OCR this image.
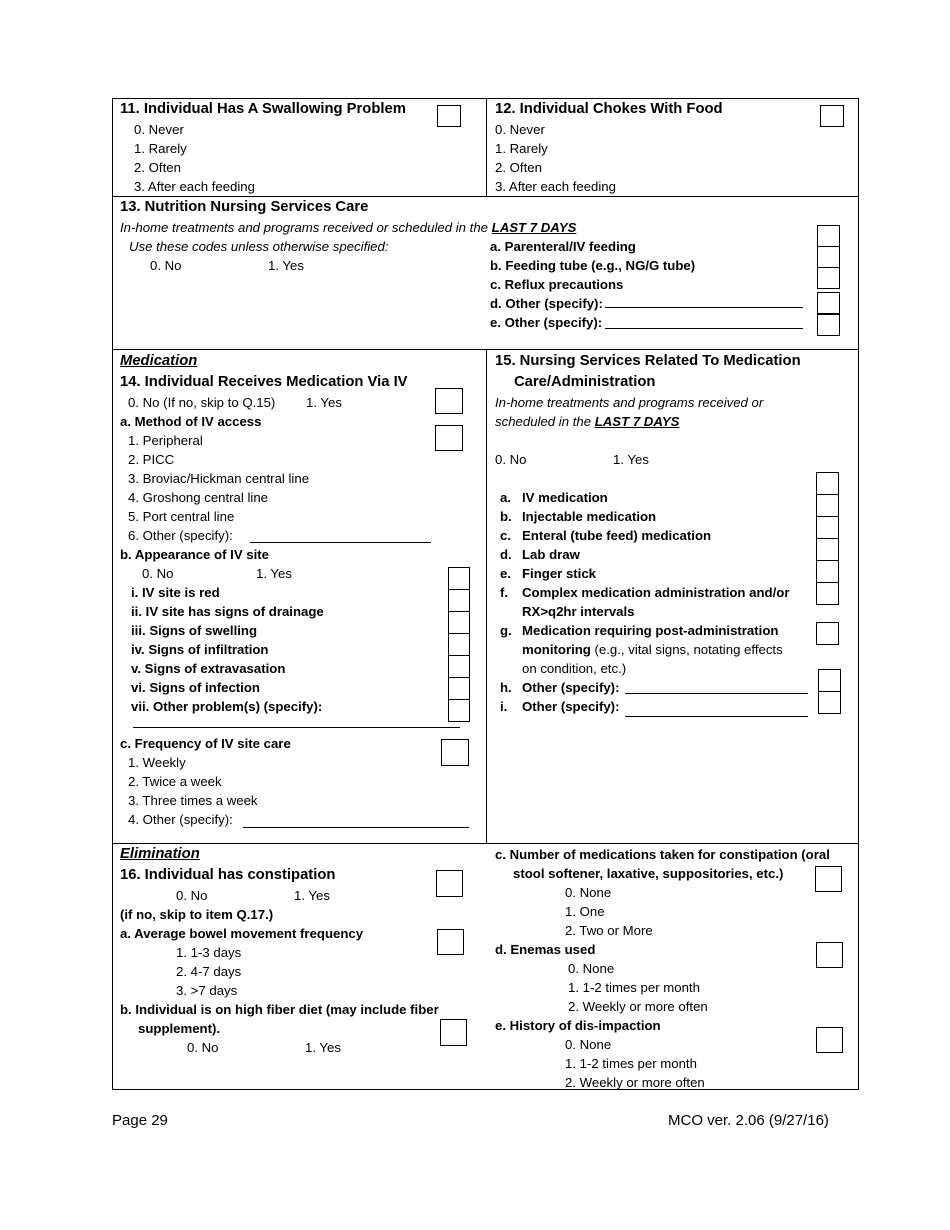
11. Individual Has A Swallowing Problem
0. Never
1. Rarely
2. Often
3. After each feeding
12. Individual Chokes With Food
0. Never
1. Rarely
2. Often
3. After each feeding
13. Nutrition Nursing Services Care
In-home treatments and programs received or scheduled in the LAST 7 DAYS
Use these codes unless otherwise specified:
0. No	1. Yes
a. Parenteral/IV feeding
b. Feeding tube (e.g., NG/G tube)
c. Reflux precautions
d. Other (specify):
e. Other (specify):
Medication
14. Individual Receives Medication Via IV
0. No (If no, skip to Q.15) 1. Yes
a. Method of IV access
1. Peripheral
2. PICC
3. Broviac/Hickman central line
4. Groshong central line
5. Port central line
6. Other (specify):
b. Appearance of IV site
0. No	1. Yes
i. IV site is red
ii. IV site has signs of drainage
iii. Signs of swelling
iv. Signs of infiltration
v. Signs of extravasation
vi. Signs of infection
vii. Other problem(s) (specify):
c. Frequency of IV site care
1. Weekly
2. Twice a week
3. Three times a week
4. Other (specify):
15. Nursing Services Related To Medication
Care/Administration
In-home treatments and programs received or
scheduled in the LAST 7 DAYS
0. No	1. Yes
a. IV medication
b. Injectable medication
c. Enteral (tube feed) medication
d. Lab draw
e. Finger stick
f. Complex medication administration and/or
RX>q2hr intervals
g. Medication requiring post-administration
monitoring (e.g., vital signs, notating effects
on condition, etc.)
h. Other (specify):
i. Other (specify):
Elimination
16. Individual has constipation
0. No	1. Yes
(if no, skip to item Q.17.)
a. Average bowel movement frequency
1. 1-3 days
2. 4-7 days
3. >7 days
b. Individual is on high fiber diet (may include fiber
supplement).
0. No	1. Yes
c. Number of medications taken for constipation (oral
stool softener, laxative, suppositories, etc.)
0. None
1. One
2. Two or More
d. Enemas used
0. None
1. 1-2 times per month
2. Weekly or more often
e. History of dis-impaction
0. None
1. 1-2 times per month
2. Weekly or more often
Page 29	MCO ver. 2.06 (9/27/16)
